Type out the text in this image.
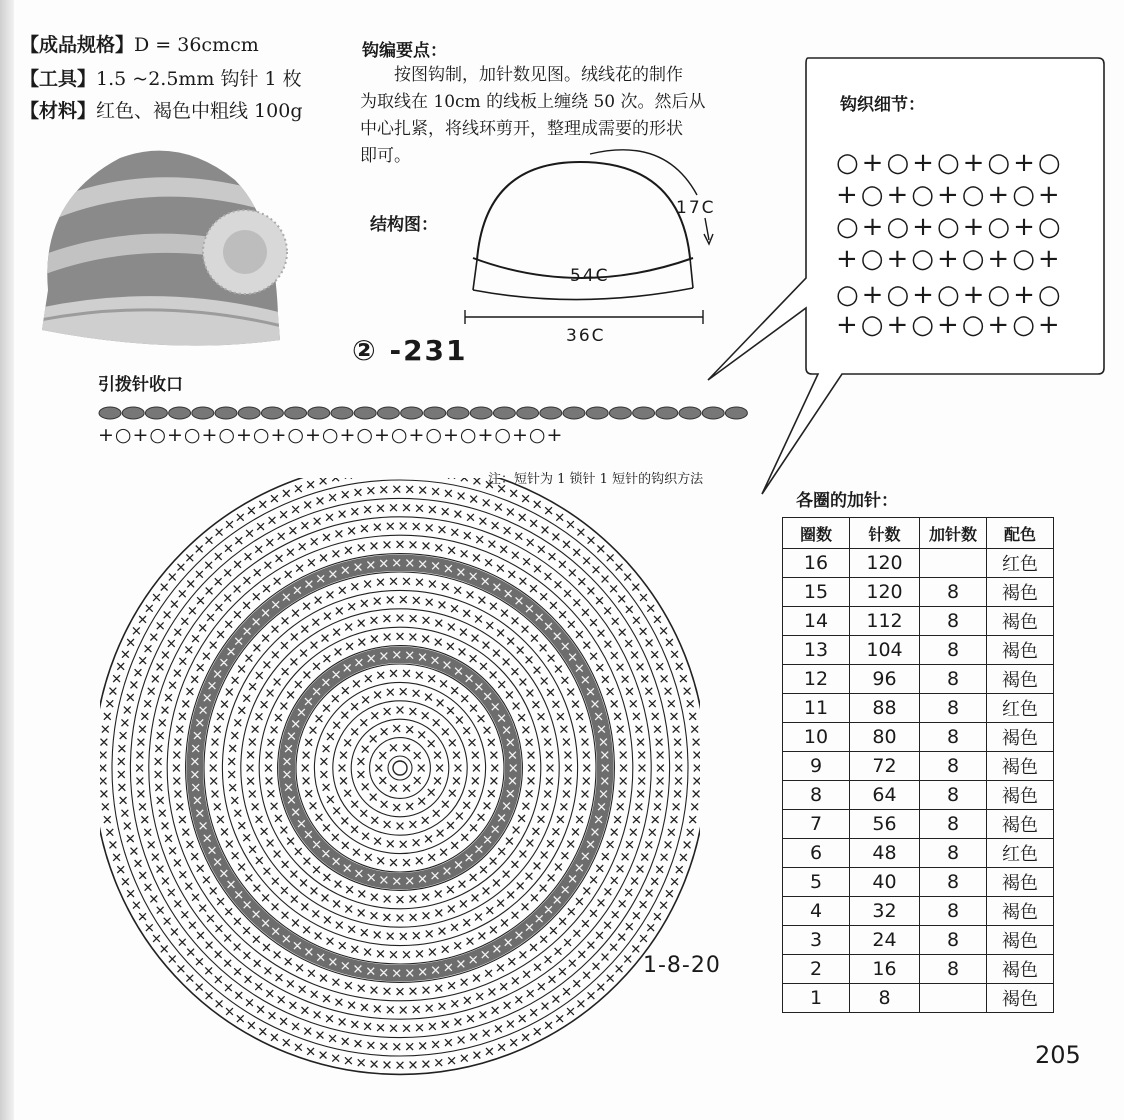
【成品规格】D = 36cmcm
【工具】1.5 ~2.5mm 钩针 1 枚
【材料】红色、褐色中粗线 100g
钩编要点：
按图钩制，加针数见图。绒线花的制作
为取线在 10cm 的线板上缠绕 50 次。然后从
中心扎紧，将线环剪开，整理成需要的形状
即可。
结构图：
54C
17C
36C
② -231
引拨针收口
+○+○+○+○+○+○+○+○+○+○+○+○+○+
钩织细节：
○+○+○+○+○
+○+○+○+○+
○+○+○+○+○
+○+○+○+○+
○+○+○+○+○
+○+○+○+○+
注：短针为 1 锁针 1 短针的钩织方法
1-8-20
各圈的加针：
圈数	针数	加针数	配色
16	120		红色
15	120	8	褐色
14	112	8	褐色
13	104	8	褐色
12	96	8	褐色
11	88	8	红色
10	80	8	褐色
9	72	8	褐色
8	64	8	褐色
7	56	8	褐色
6	48	8	红色
5	40	8	褐色
4	32	8	褐色
3	24	8	褐色
2	16	8	褐色
1	8		褐色
205
